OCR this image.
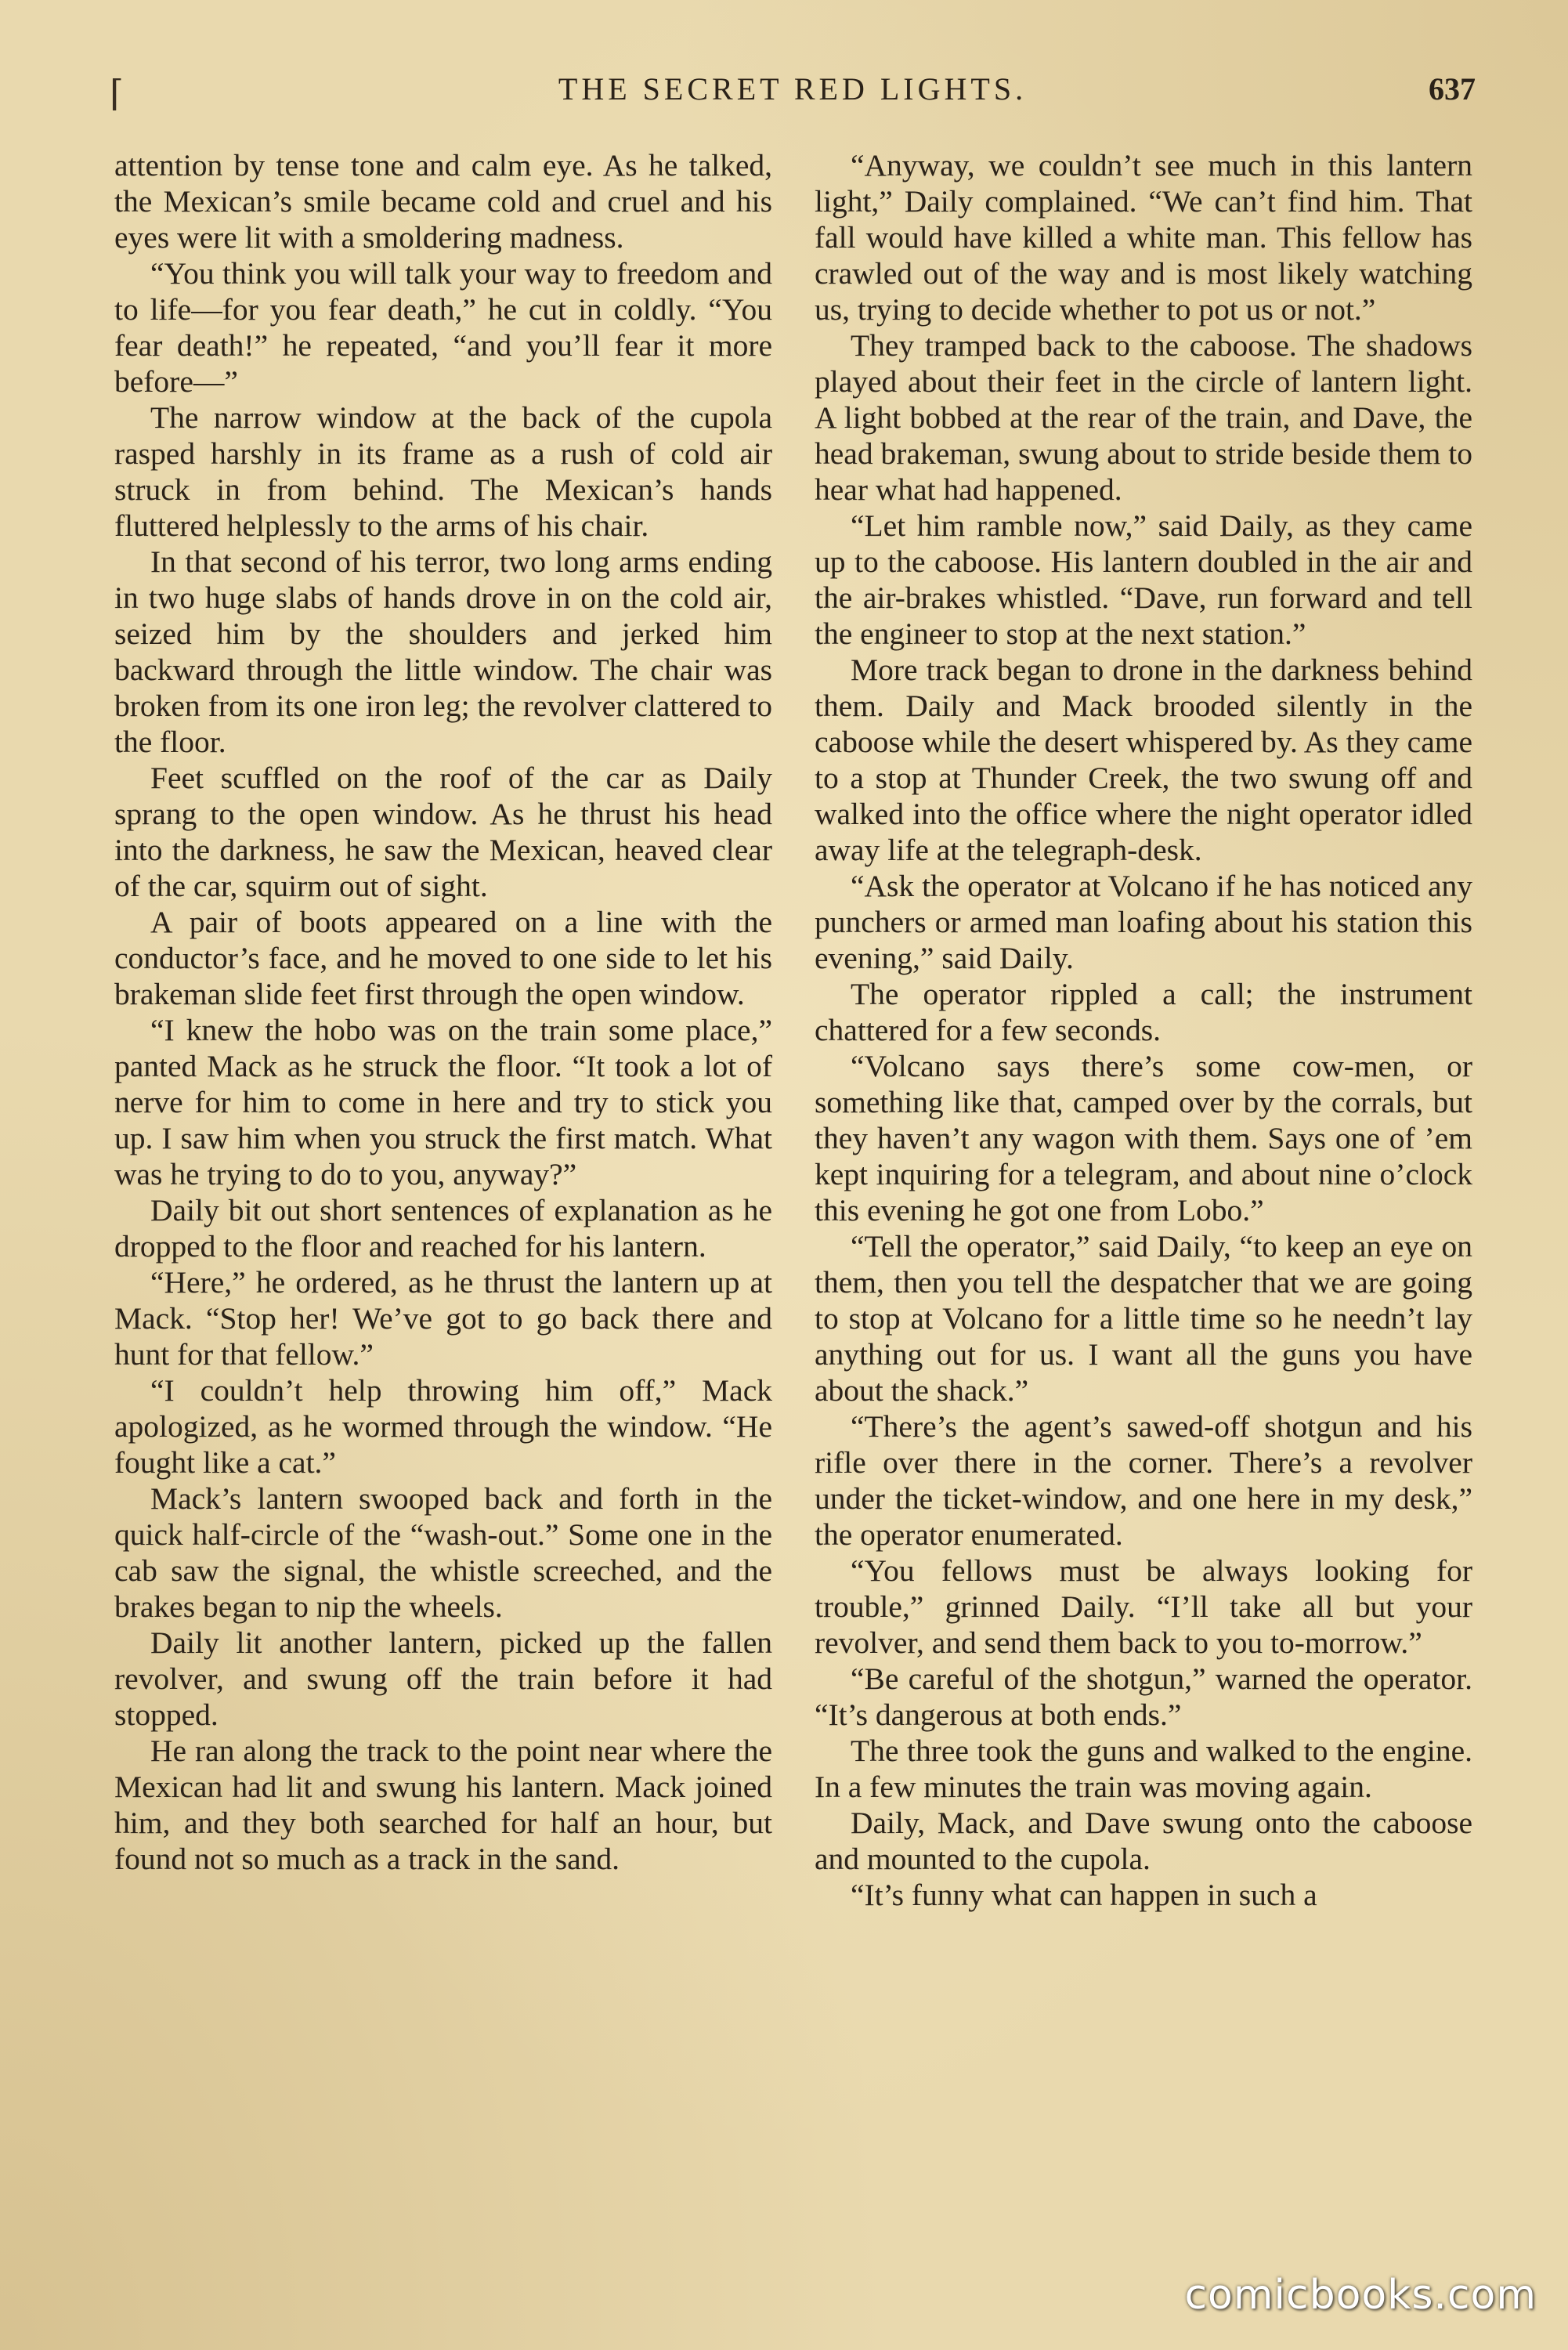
⌈	THE SECRET RED LIGHTS.	637

attention by tense tone and calm eye. As he talked, the Mexican’s smile became cold and cruel and his eyes were lit with a smoldering madness.

“You think you will talk your way to freedom and to life—for you fear death,” he cut in coldly. “You fear death!” he repeated, “and you’ll fear it more before—”

The narrow window at the back of the cupola rasped harshly in its frame as a rush of cold air struck in from behind. The Mexican’s hands fluttered helplessly to the arms of his chair.

In that second of his terror, two long arms ending in two huge slabs of hands drove in on the cold air, seized him by the shoulders and jerked him backward through the little window. The chair was broken from its one iron leg; the revolver clattered to the floor.

Feet scuffled on the roof of the car as Daily sprang to the open window. As he thrust his head into the darkness, he saw the Mexican, heaved clear of the car, squirm out of sight.

A pair of boots appeared on a line with the conductor’s face, and he moved to one side to let his brakeman slide feet first through the open window.

“I knew the hobo was on the train some place,” panted Mack as he struck the floor. “It took a lot of nerve for him to come in here and try to stick you up. I saw him when you struck the first match. What was he trying to do to you, anyway?”

Daily bit out short sentences of explanation as he dropped to the floor and reached for his lantern.

“Here,” he ordered, as he thrust the lantern up at Mack. “Stop her! We’ve got to go back there and hunt for that fellow.”

“I couldn’t help throwing him off,” Mack apologized, as he wormed through the window. “He fought like a cat.”

Mack’s lantern swooped back and forth in the quick half-circle of the “wash-out.” Some one in the cab saw the signal, the whistle screeched, and the brakes began to nip the wheels.

Daily lit another lantern, picked up the fallen revolver, and swung off the train before it had stopped.

He ran along the track to the point near where the Mexican had lit and swung his lantern. Mack joined him, and they both searched for half an hour, but found not so much as a track in the sand.

“Anyway, we couldn’t see much in this lantern light,” Daily complained. “We can’t find him. That fall would have killed a white man. This fellow has crawled out of the way and is most likely watching us, trying to decide whether to pot us or not.”

They tramped back to the caboose. The shadows played about their feet in the circle of lantern light. A light bobbed at the rear of the train, and Dave, the head brakeman, swung about to stride beside them to hear what had happened.

“Let him ramble now,” said Daily, as they came up to the caboose. His lantern doubled in the air and the air-brakes whistled. “Dave, run forward and tell the engineer to stop at the next station.”

More track began to drone in the darkness behind them. Daily and Mack brooded silently in the caboose while the desert whispered by. As they came to a stop at Thunder Creek, the two swung off and walked into the office where the night operator idled away life at the telegraph-desk.

“Ask the operator at Volcano if he has noticed any punchers or armed man loafing about his station this evening,” said Daily.

The operator rippled a call; the instrument chattered for a few seconds.

“Volcano says there’s some cow-men, or something like that, camped over by the corrals, but they haven’t any wagon with them. Says one of ’em kept inquiring for a telegram, and about nine o’clock this evening he got one from Lobo.”

“Tell the operator,” said Daily, “to keep an eye on them, then you tell the despatcher that we are going to stop at Volcano for a little time so he needn’t lay anything out for us. I want all the guns you have about the shack.”

“There’s the agent’s sawed-off shotgun and his rifle over there in the corner. There’s a revolver under the ticket-window, and one here in my desk,” the operator enumerated.

“You fellows must be always looking for trouble,” grinned Daily. “I’ll take all but your revolver, and send them back to you to-morrow.”

“Be careful of the shotgun,” warned the operator. “It’s dangerous at both ends.”

The three took the guns and walked to the engine. In a few minutes the train was moving again.

Daily, Mack, and Dave swung onto the caboose and mounted to the cupola.

“It’s funny what can happen in such a

comicbooks.com
